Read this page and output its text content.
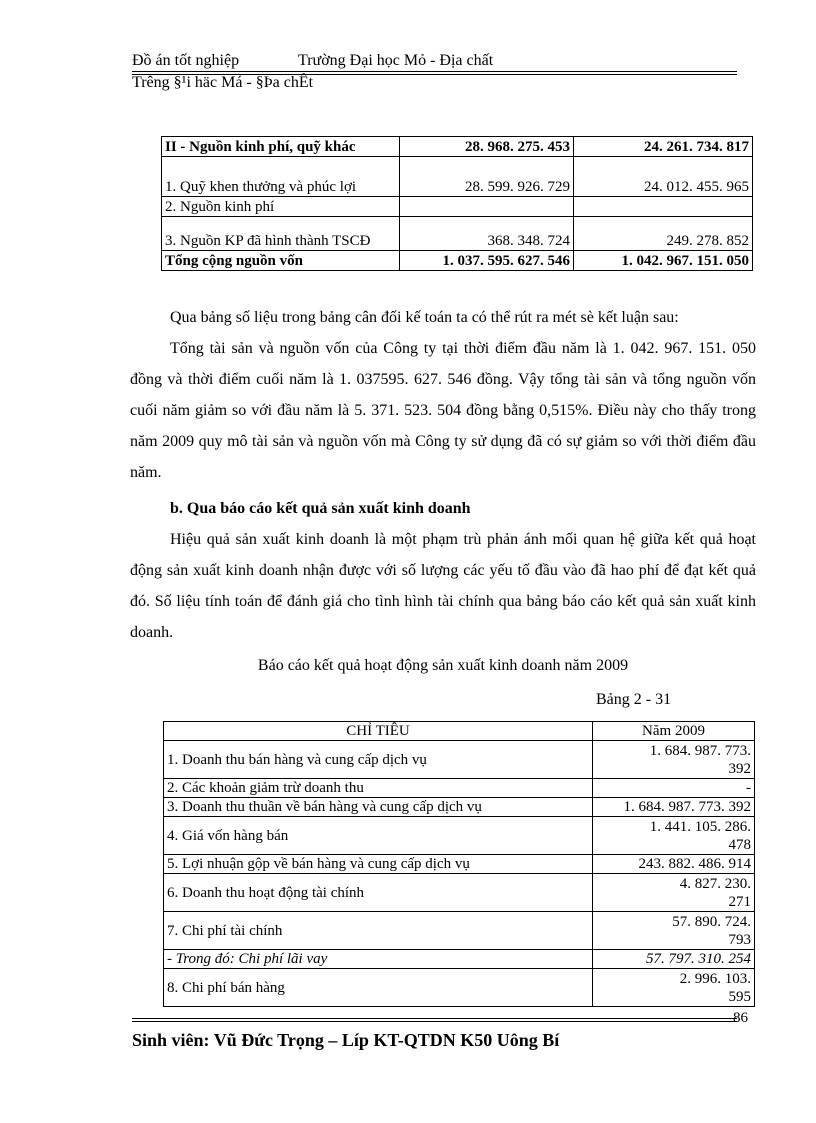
Đồ án tốt nghiệp	Trường Đại học Mỏ - Địa chất
Trêng §¹i häc Má - §Þa chÊt
II - Nguồn kinh phí, quỹ khác	28. 968. 275. 453	24. 261. 734. 817
1. Quỹ khen thưởng và phúc lợi	28. 599. 926. 729	24. 012. 455. 965
2. Nguồn kinh phí		
3. Nguồn KP đã hình thành TSCĐ	368. 348. 724	249. 278. 852
Tổng cộng nguồn vốn	1. 037. 595. 627. 546	1. 042. 967. 151. 050
Qua bảng số liệu trong bảng cân đối kế toán ta có thể rút ra mét sè kết luận sau:
Tổng tài sản và nguồn vốn của Công ty tại thời điểm đầu năm là 1. 042. 967. 151. 050 đồng và thời điểm cuối năm là 1. 037595. 627. 546 đồng. Vậy tổng tài sản và tổng nguồn vốn cuối năm giảm so với đầu năm là 5. 371. 523. 504 đồng bằng 0,515%. Điều này cho thấy trong năm 2009 quy mô tài sản và nguồn vốn mà Công ty sử dụng đã có sự giảm so với thời điểm đầu năm.
b. Qua báo cáo kết quả sản xuất kinh doanh
Hiệu quả sản xuất kinh doanh là một phạm trù phản ánh mối quan hệ giữa kết quả hoạt động sản xuất kinh doanh nhận được với số lượng các yếu tố đầu vào đã hao phí để đạt kết quả đó. Số liệu tính toán để đánh giá cho tình hình tài chính qua bảng báo cáo kết quả sản xuất kinh doanh.
Báo cáo kết quả hoạt động sản xuất kinh doanh năm 2009
Bảng 2 - 31
CHỈ TIÊU	Năm 2009
1. Doanh thu bán hàng và cung cấp dịch vụ	1. 684. 987. 773.
392

2. Các khoản giảm trừ doanh thu	-
3. Doanh thu thuần về bán hàng và cung cấp dịch vụ	1. 684. 987. 773. 392
4. Giá vốn hàng bán	1. 441. 105. 286.
478

5. Lợi nhuận gộp về bán hàng và cung cấp dịch vụ	243. 882. 486. 914
6. Doanh thu hoạt động tài chính	4. 827. 230.
271

7. Chi phí tài chính	57. 890. 724.
793

- Trong đó: Chi phí lãi vay	57. 797. 310. 254
8. Chi phí bán hàng	2. 996. 103.
595
86
Sinh viên: Vũ Đức Trọng – Líp KT-QTDN K50 Uông Bí
